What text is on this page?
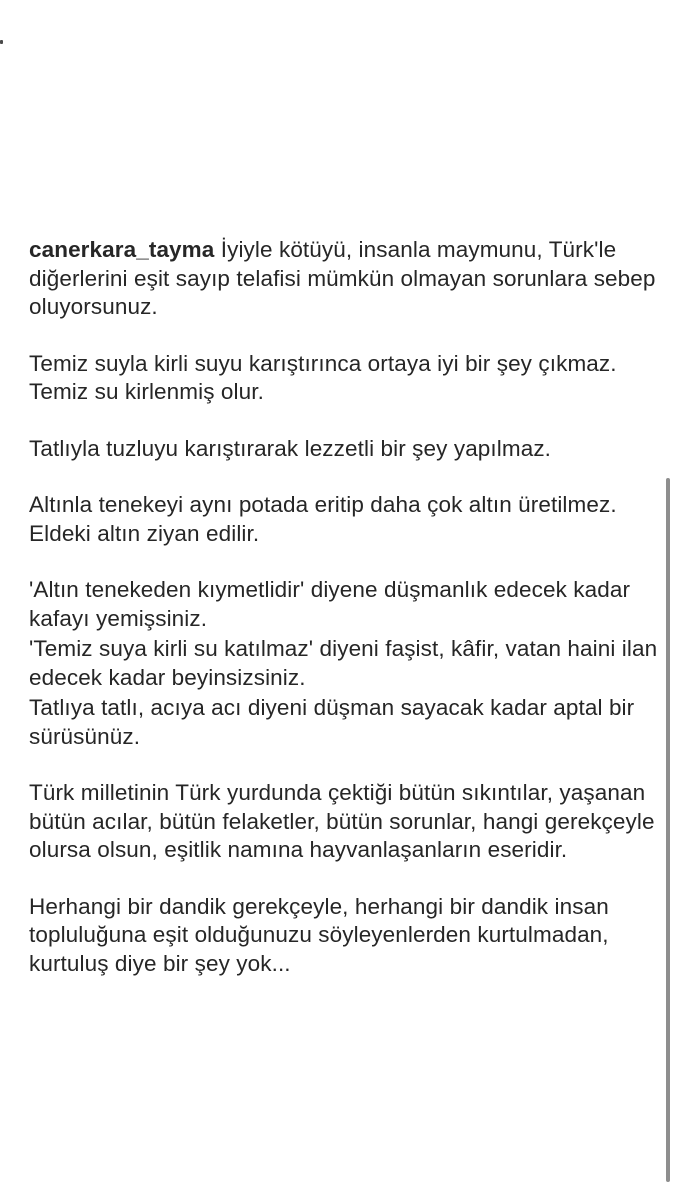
canerkara_tayma İyiyle kötüyü, insanla maymunu, Türk'le diğerlerini eşit sayıp telafisi mümkün olmayan sorunlara sebep oluyorsunuz.

Temiz suyla kirli suyu karıştırınca ortaya iyi bir şey çıkmaz. Temiz su kirlenmiş olur.

Tatlıyla tuzluyu karıştırarak lezzetli bir şey yapılmaz.

Altınla tenekeyi aynı potada eritip daha çok altın üretilmez. Eldeki altın ziyan edilir.

'Altın tenekeden kıymetlidir' diyene düşmanlık edecek kadar kafayı yemişsiniz.

'Temiz suya kirli su katılmaz' diyeni faşist, kâfir, vatan haini ilan edecek kadar beyinsizsiniz.

Tatlıya tatlı, acıya acı diyeni düşman sayacak kadar aptal bir sürüsünüz.

Türk milletinin Türk yurdunda çektiği bütün sıkıntılar, yaşanan bütün acılar, bütün felaketler, bütün sorunlar, hangi gerekçeyle olursa olsun, eşitlik namına hayvanlaşanların eseridir.

Herhangi bir dandik gerekçeyle, herhangi bir dandik insan topluluğuna eşit olduğunuzu söyleyenlerden kurtulmadan, kurtuluş diye bir şey yok...
